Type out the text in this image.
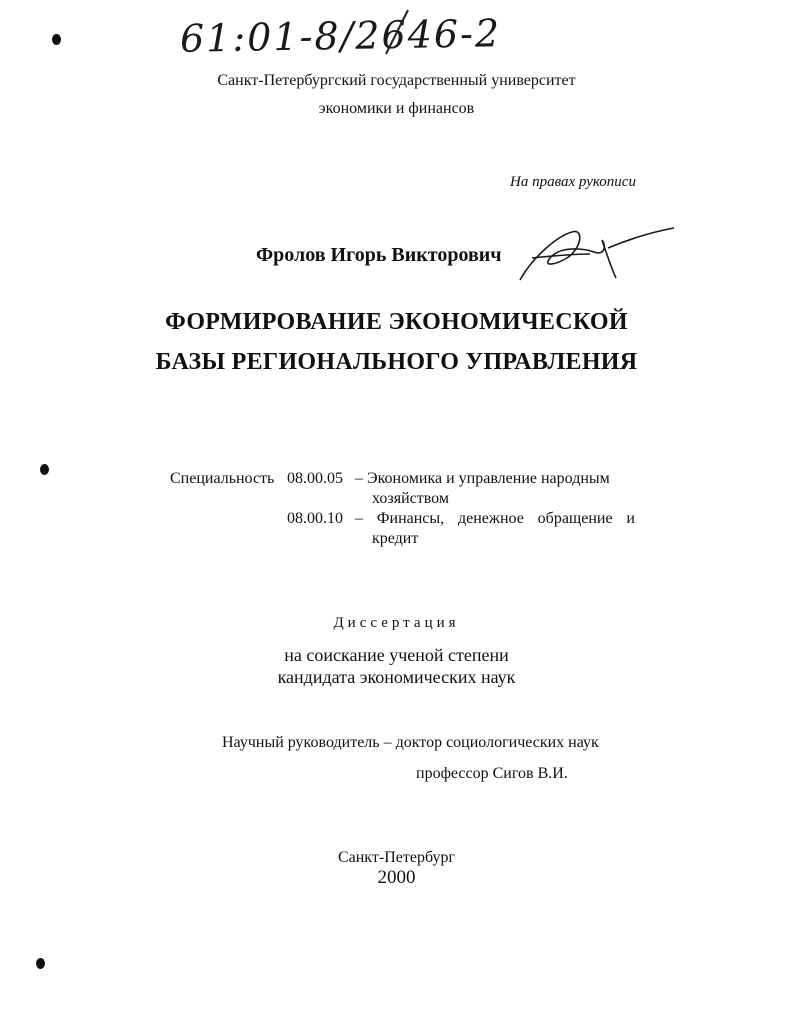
61:01-8/2646-2
Санкт-Петербургский государственный университет
экономики и финансов
На правах рукописи
Фролов Игорь Викторович
ФОРМИРОВАНИЕ ЭКОНОМИЧЕСКОЙ
БАЗЫ РЕГИОНАЛЬНОГО УПРАВЛЕНИЯ
Специальность 08.00.05 – Экономика и управление народным
хозяйством
08.00.10 – Финансы, денежное обращение и
кредит
Диссертация
на соискание ученой степени
кандидата экономических наук
Научный руководитель – доктор социологических наук
профессор Сигов В.И.
Санкт-Петербург
2000
